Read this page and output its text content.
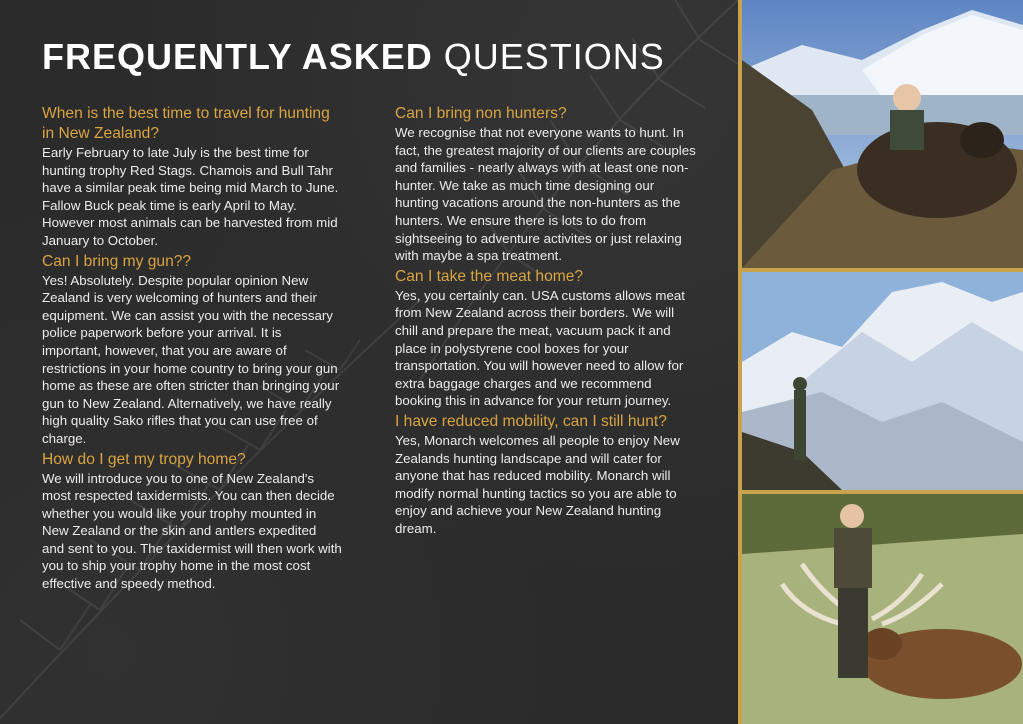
FREQUENTLY ASKED QUESTIONS
When is the best time to travel for hunting in New Zealand?

Early February to late July is the best time for hunting trophy Red Stags. Chamois and Bull Tahr have a similar peak time being mid March to June. Fallow Buck peak time is early April to May. However most animals can be harvested from mid January to October.

Can I bring my gun??

Yes! Absolutely. Despite popular opinion New Zealand is very welcoming of hunters and their equipment. We can assist you with the necessary police paperwork before your arrival. It is important, however, that you are aware of restrictions in your home country to bring your gun home as these are often stricter than bringing your gun to New Zealand. Alternatively, we have really high quality Sako rifles that you can use free of charge.

How do I get my tropy home?

We will introduce you to one of New Zealand's most respected taxidermists. You can then decide whether you would like your trophy mounted in New Zealand or the skin and antlers expedited and sent to you. The taxidermist will then work with you to ship your trophy home in the most cost effective and speedy method.

Can I bring non hunters?

We recognise that not everyone wants to hunt. In fact, the greatest majority of our clients are couples and families - nearly always with at least one non-hunter. We take as much time designing our hunting vacations around the non-hunters as the hunters. We ensure there is lots to do from sightseeing to adventure activites or just relaxing with maybe a spa treatment.

Can I take the meat home?

Yes, you certainly can. USA customs allows meat from New Zealand across their borders. We will chill and prepare the meat, vacuum pack it and place in polystyrene cool boxes for your transportation. You will however need to allow for extra baggage charges and we recommend booking this in advance for your return journey.

I have reduced mobility, can I still hunt?

Yes, Monarch welcomes all people to enjoy New Zealands hunting landscape and will cater for anyone that has reduced mobility. Monarch will modify normal hunting tactics so you are able to enjoy and achieve your New Zealand hunting dream.
